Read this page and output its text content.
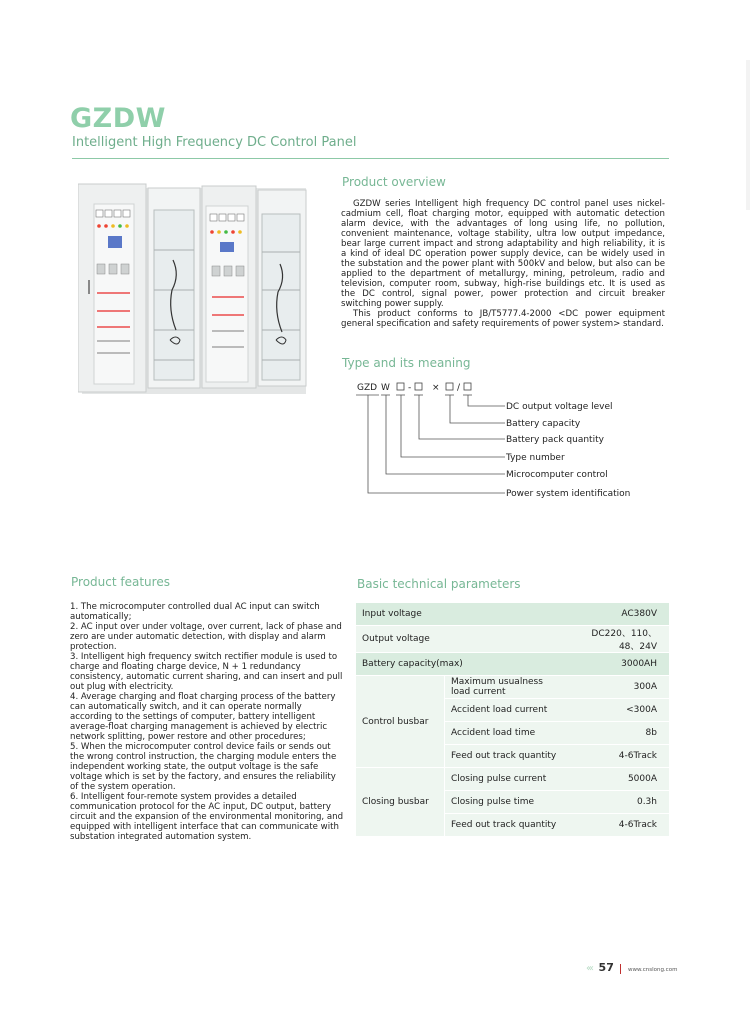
GZDW
Intelligent High Frequency DC Control Panel
Product overview

GZDW series Intelligent high frequency DC control panel uses nickel-cadmium cell, float charging motor, equipped with automatic detection alarm device, with the advantages of long using life, no pollution, convenient maintenance, voltage stability, ultra low output impedance, bear large current impact and strong adaptability and high reliability, it is a kind of ideal DC operation power supply device, can be widely used in the substation and the power plant with 500kV and below, but also can be applied to the department of metallurgy, mining, petroleum, radio and television, computer room, subway, high-rise buildings etc. It is used as the DC control, signal power, power protection and circuit breaker switching power supply.

This product conforms to JB/T5777.4-2000 <DC power equipment general specification and safety requirements of power system> standard.

Type and its meaning
GZD W - × /
DC output voltage level
Battery capacity
Battery pack quantity
Type number
Microcomputer control
Power system identification
Product features

1. The microcomputer controlled dual AC input can switch automatically;

2. AC input over under voltage, over current, lack of phase and zero are under automatic detection, with display and alarm protection.

3. Intelligent high frequency switch rectifier module is used to charge and floating charge device, N + 1 redundancy consistency, automatic current sharing, and can insert and pull out plug with electricity.

4. Average charging and float charging process of the battery can automatically switch, and it can operate normally according to the settings of computer, battery intelligent average-float charging management is achieved by electric network splitting, power restore and other procedures;

5. When the microcomputer control device fails or sends out the wrong control instruction, the charging module enters the independent working state, the output voltage is the safe voltage which is set by the factory, and ensures the reliability of the system operation.

6. Intelligent four-remote system provides a detailed communication protocol for the AC input, DC output, battery circuit and the expansion of the environmental monitoring, and equipped with intelligent interface that can communicate with substation integrated automation system.

Basic technical parameters
Input voltage		AC380V
Output voltage		DC220、110、48、24V
Battery capacity(max)		3000AH
Control busbar	Maximum usualness load current	300A
	Accident load current	<300A
	Accident load time	8b
	Feed out track quantity	4-6Track
Closing busbar	Closing pulse current	5000A
	Closing pulse time	0.3h
	Feed out track quantity	4-6Track
‹‹‹ 57	www.cnslong.com
